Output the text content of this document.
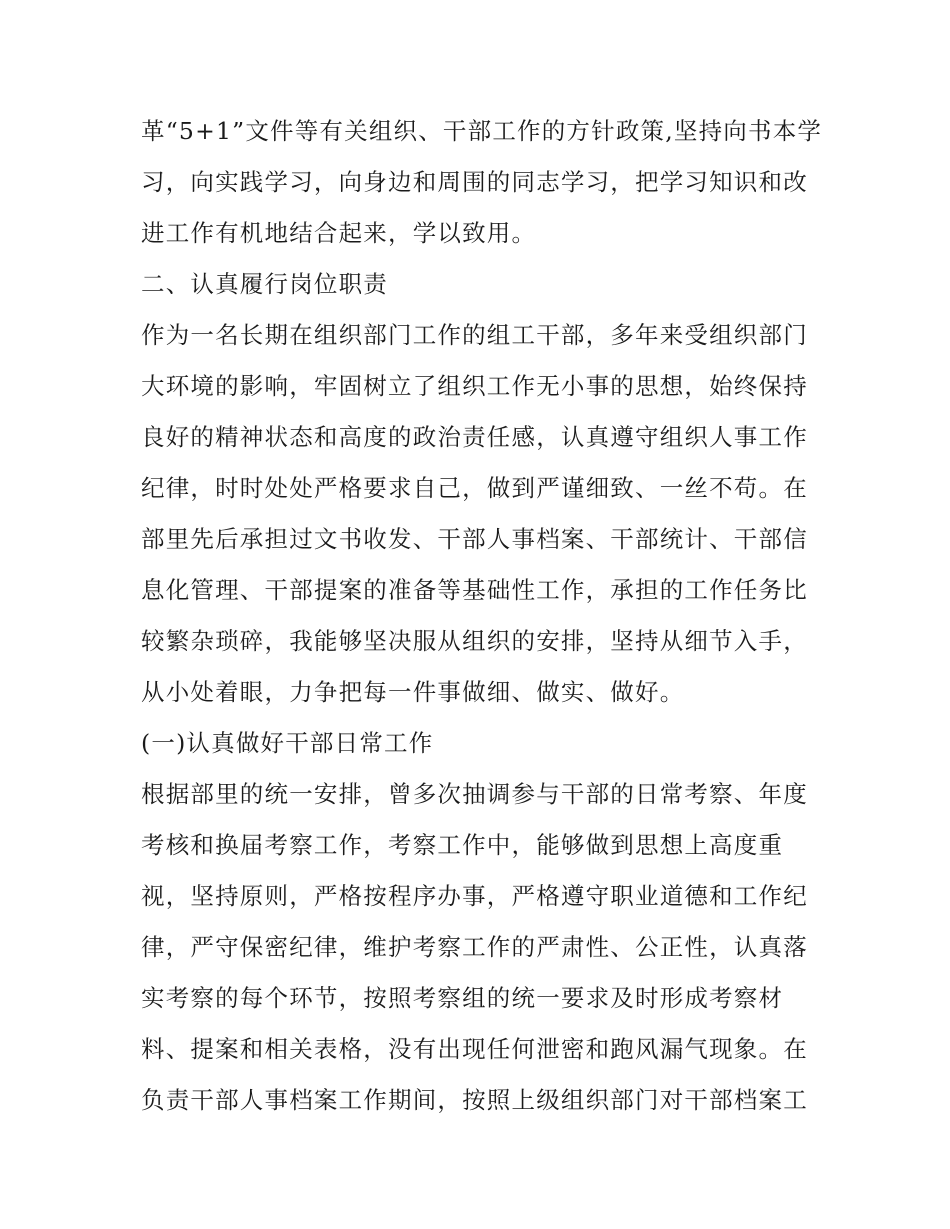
革“5+1”文件等有关组织、干部工作的方针政策,坚持向书本学
习，向实践学习，向身边和周围的同志学习，把学习知识和改
进工作有机地结合起来，学以致用。
二、认真履行岗位职责
作为一名长期在组织部门工作的组工干部，多年来受组织部门
大环境的影响，牢固树立了组织工作无小事的思想，始终保持
良好的精神状态和高度的政治责任感，认真遵守组织人事工作
纪律，时时处处严格要求自己，做到严谨细致、一丝不苟。在
部里先后承担过文书收发、干部人事档案、干部统计、干部信
息化管理、干部提案的准备等基础性工作，承担的工作任务比
较繁杂琐碎，我能够坚决服从组织的安排，坚持从细节入手，
从小处着眼，力争把每一件事做细、做实、做好。
(一)认真做好干部日常工作
根据部里的统一安排，曾多次抽调参与干部的日常考察、年度
考核和换届考察工作，考察工作中，能够做到思想上高度重
视，坚持原则，严格按程序办事，严格遵守职业道德和工作纪
律，严守保密纪律，维护考察工作的严肃性、公正性，认真落
实考察的每个环节，按照考察组的统一要求及时形成考察材
料、提案和相关表格，没有出现任何泄密和跑风漏气现象。在
负责干部人事档案工作期间，按照上级组织部门对干部档案工
